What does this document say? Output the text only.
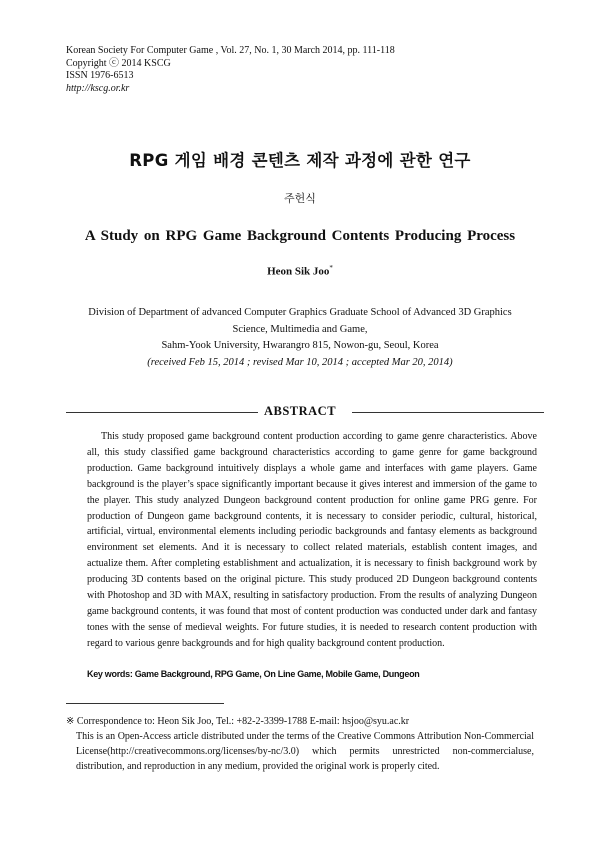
Korean Society For Computer Game , Vol. 27, No. 1, 30 March 2014, pp. 111-118
Copyright ⓒ 2014 KSCG
ISSN 1976-6513
http://kscg.or.kr
RPG 게임 배경 콘텐츠 제작 과정에 관한 연구
주헌식
A Study on RPG Game Background Contents Producing Process
Heon Sik Joo*
Division of Department of advanced Computer Graphics Graduate School of Advanced 3D Graphics
Science, Multimedia and Game,
Sahm-Yook University, Hwarangro 815, Nowon-gu, Seoul, Korea
(received Feb 15, 2014 ; revised Mar 10, 2014 ; accepted Mar 20, 2014)
ABSTRACT

This study proposed game background content production according to game genre characteristics. Above all, this study classified game background characteristics according to game genre for game background production. Game background intuitively displays a whole game and interfaces with game players. Game background is the player’s space significantly important because it gives interest and immersion of the game to the player. This study analyzed Dungeon background content production for online game PRG genre. For production of Dungeon game background contents, it is necessary to consider periodic, cultural, historical, artificial, virtual, environmental elements including periodic backgrounds and fantasy elements as background environment set elements. And it is necessary to collect related materials, establish content images, and actualize them. After completing establishment and actualization, it is necessary to finish background work by producing 3D contents based on the original picture. This study produced 2D Dungeon background contents with Photoshop and 3D with MAX, resulting in satisfactory production. From the results of analyzing Dungeon game background contents, it was found that most of content production was conducted under dark and fantasy tones with the sense of medieval weights. For future studies, it is needed to research content production with regard to various genre backgrounds and for high quality background content production.

Key words: Game Background, RPG Game, On Line Game, Mobile Game, Dungeon
※ Correspondence to: Heon Sik Joo, Tel.: +82-2-3399-1788 E-mail: hsjoo@syu.ac.kr
This is an Open-Access article distributed under the terms of the Creative Commons Attribution Non-Commercial License(http://creativecommons.org/licenses/by-nc/3.0) which permits unrestricted non-commercialuse, distribution, and reproduction in any medium, provided the original work is properly cited.
